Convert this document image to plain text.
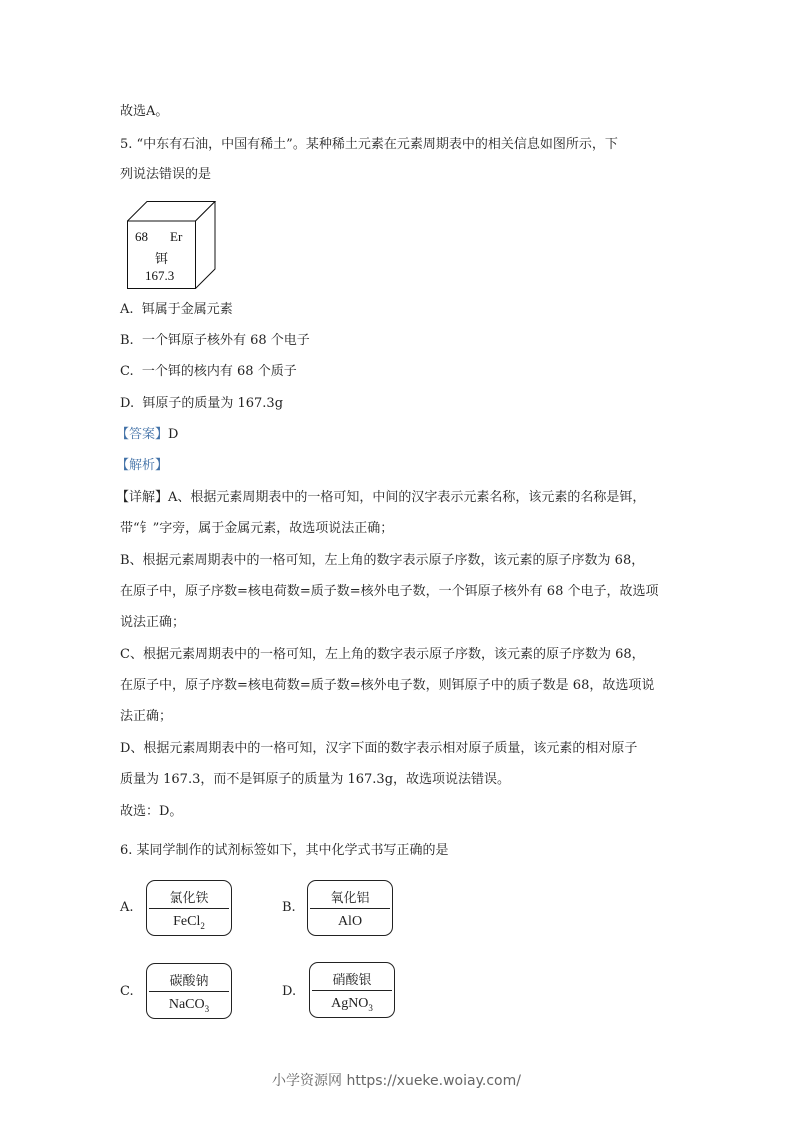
故选A。
5. “中东有石油，中国有稀土”。某种稀土元素在元素周期表中的相关信息如图所示，下
列说法错误的是
68 Er
铒
167.3
A. 铒属于金属元素
B. 一个铒原子核外有 68 个电子
C. 一个铒的核内有 68 个质子
D. 铒原子的质量为 167.3g
【答案】D
【解析】
【详解】A、根据元素周期表中的一格可知，中间的汉字表示元素名称，该元素的名称是铒，
带“钅”字旁，属于金属元素，故选项说法正确；
B、根据元素周期表中的一格可知，左上角的数字表示原子序数，该元素的原子序数为 68，
在原子中，原子序数=核电荷数=质子数=核外电子数，一个铒原子核外有 68 个电子，故选项
说法正确；
C、根据元素周期表中的一格可知，左上角的数字表示原子序数，该元素的原子序数为 68，
在原子中，原子序数=核电荷数=质子数=核外电子数，则铒原子中的质子数是 68，故选项说
法正确；
D、根据元素周期表中的一格可知，汉字下面的数字表示相对原子质量，该元素的相对原子
质量为 167.3，而不是铒原子的质量为 167.3g，故选项说法错误。
故选：D。
6. 某同学制作的试剂标签如下，其中化学式书写正确的是
A.
氯化铁
FeCl$_2$
B.
氧化铝
AlO
C.
碳酸钠
NaCO$_3$
D.
硝酸银
AgNO$_3$
小学资源网 https://xueke.woiay.com/
